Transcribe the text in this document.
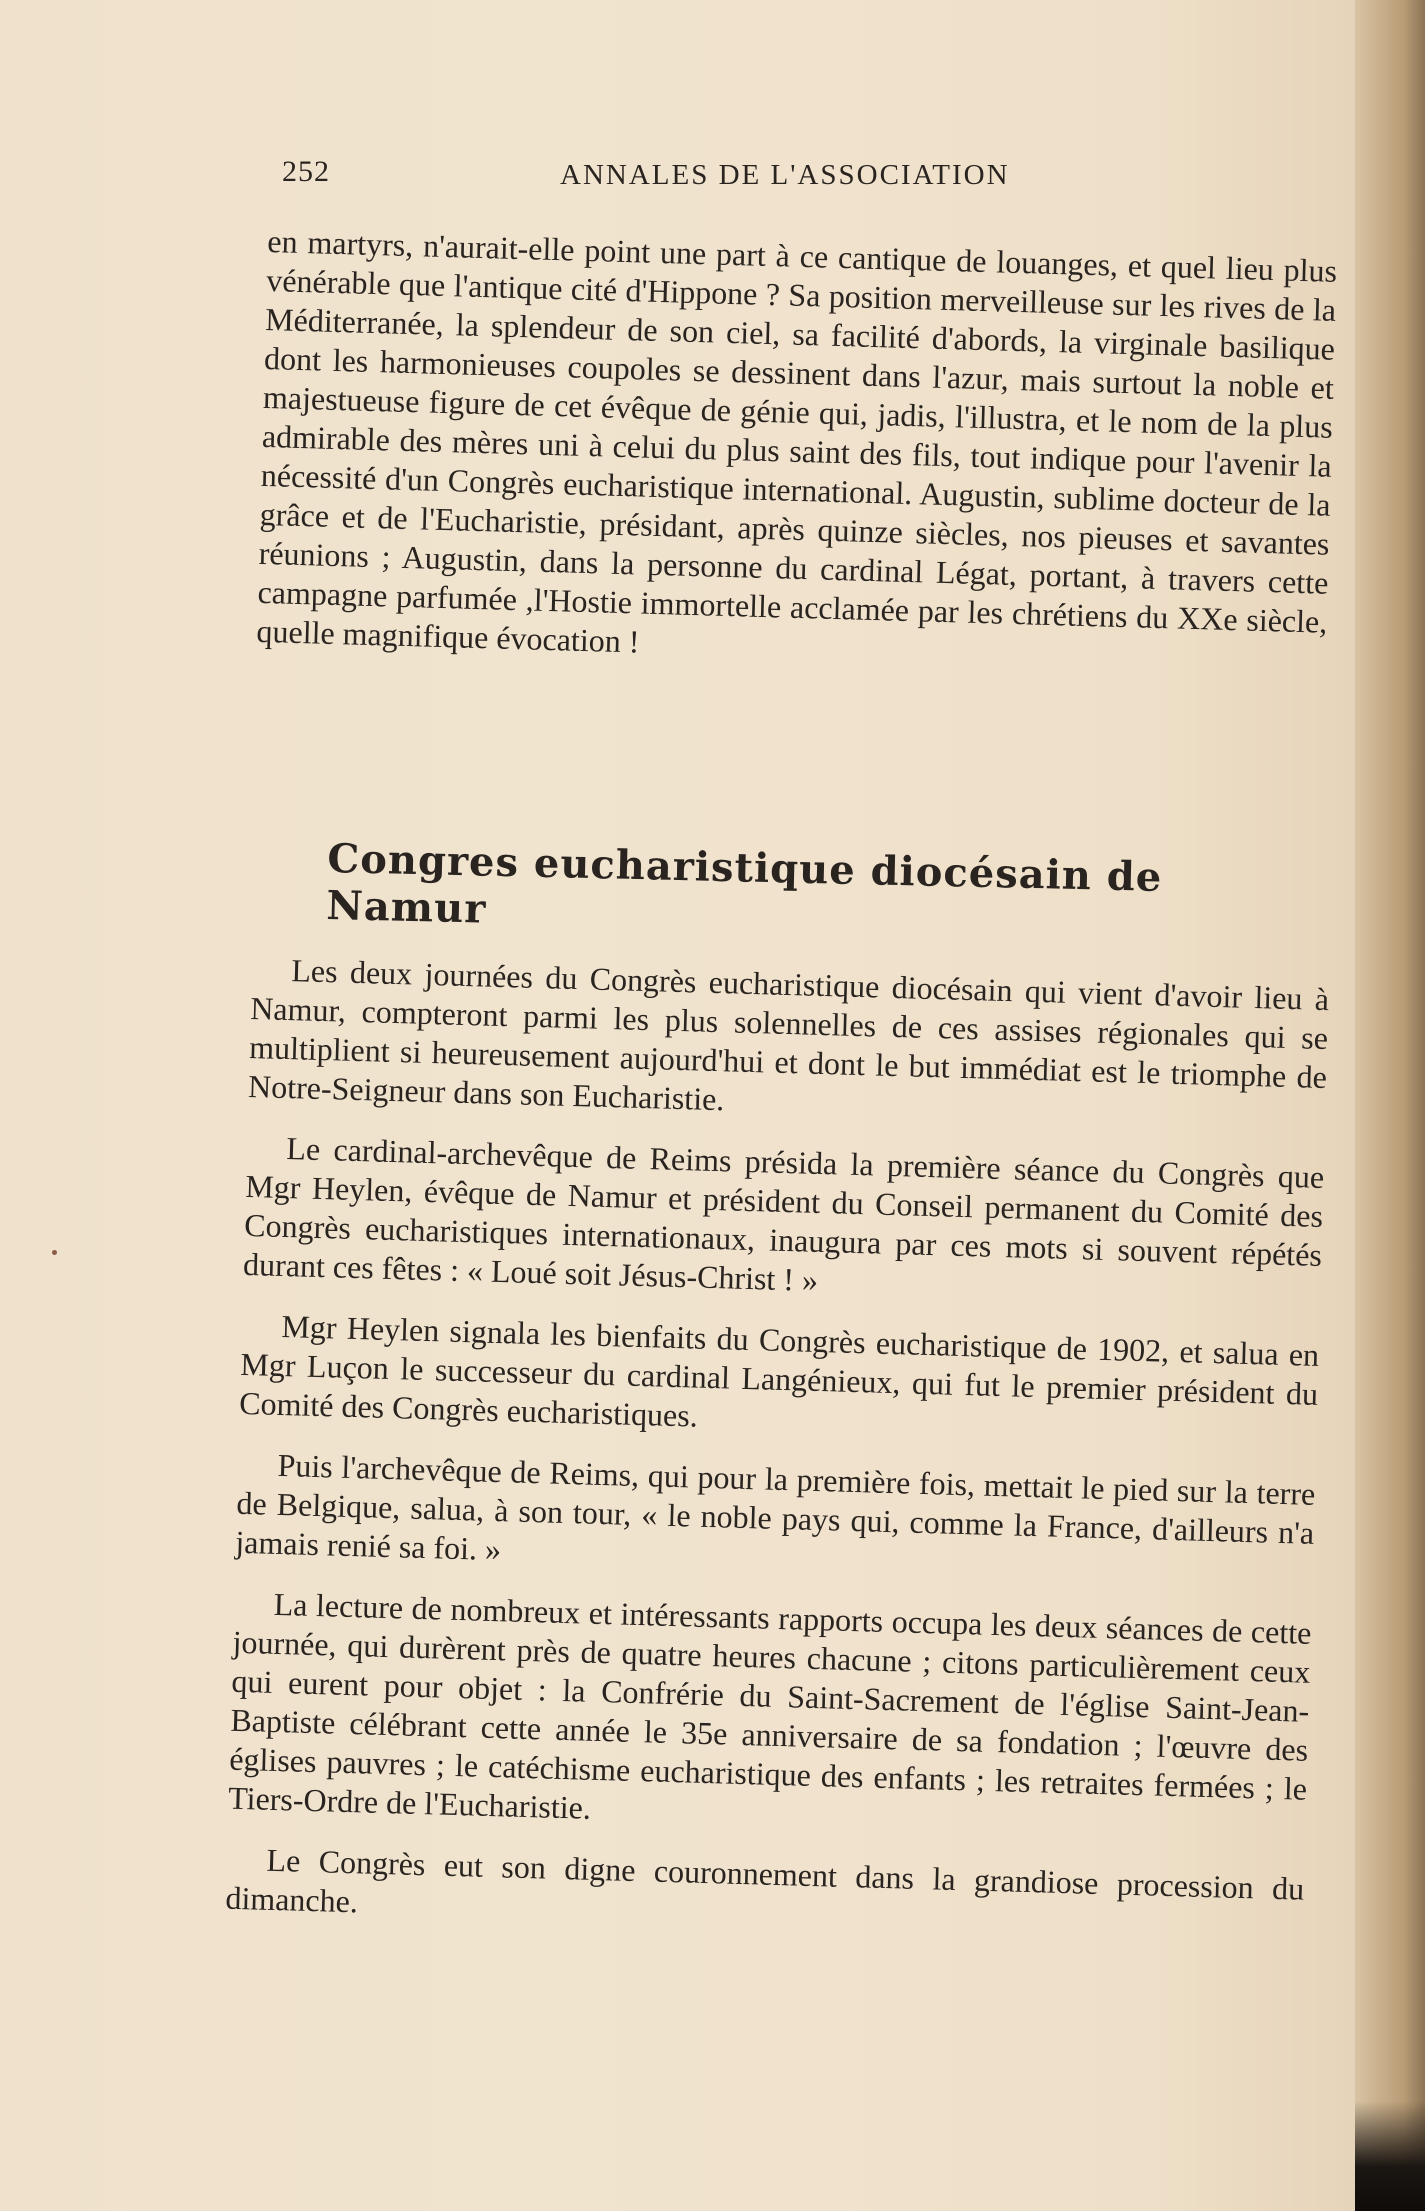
252	ANNALES DE L'ASSOCIATION

en martyrs, n'aurait-elle point une part à ce cantique de louanges, et quel lieu plus vénérable que l'antique cité d'Hippone ? Sa position merveilleuse sur les rives de la Méditerranée, la splendeur de son ciel, sa facilité d'abords, la virginale basilique dont les harmonieuses coupoles se dessinent dans l'azur, mais surtout la noble et majestueuse figure de cet évêque de génie qui, jadis, l'illustra, et le nom de la plus admirable des mères uni à celui du plus saint des fils, tout indique pour l'avenir la nécessité d'un Congrès eucharistique international. Augustin, sublime docteur de la grâce et de l'Eucharistie, présidant, après quinze siècles, nos pieuses et savantes réunions ; Augustin, dans la personne du cardinal Légat, portant, à travers cette campagne parfumée ,l'Hostie immortelle acclamée par les chrétiens du XXe siècle, quelle magnifique évocation !

Congres eucharistique diocésain de Namur

Les deux journées du Congrès eucharistique diocésain qui vient d'avoir lieu à Namur, compteront parmi les plus solennelles de ces assises régionales qui se multiplient si heureusement aujourd'hui et dont le but immédiat est le triomphe de Notre-Seigneur dans son Eucharistie.

Le cardinal-archevêque de Reims présida la première séance du Congrès que Mgr Heylen, évêque de Namur et président du Conseil permanent du Comité des Congrès eucharistiques internationaux, inaugura par ces mots si souvent répétés durant ces fêtes : « Loué soit Jésus-Christ ! »

Mgr Heylen signala les bienfaits du Congrès eucharistique de 1902, et salua en Mgr Luçon le successeur du cardinal Langénieux, qui fut le premier président du Comité des Congrès eucharistiques.

Puis l'archevêque de Reims, qui pour la première fois, mettait le pied sur la terre de Belgique, salua, à son tour, « le noble pays qui, comme la France, d'ailleurs n'a jamais renié sa foi. »

La lecture de nombreux et intéressants rapports occupa les deux séances de cette journée, qui durèrent près de quatre heures chacune ; citons particulièrement ceux qui eurent pour objet : la Confrérie du Saint-Sacrement de l'église Saint-Jean-Baptiste célébrant cette année le 35e anniversaire de sa fondation ; l'œuvre des églises pauvres ; le catéchisme eucharistique des enfants ; les retraites fermées ; le Tiers-Ordre de l'Eucharistie.

Le Congrès eut son digne couronnement dans la grandiose procession du dimanche.
